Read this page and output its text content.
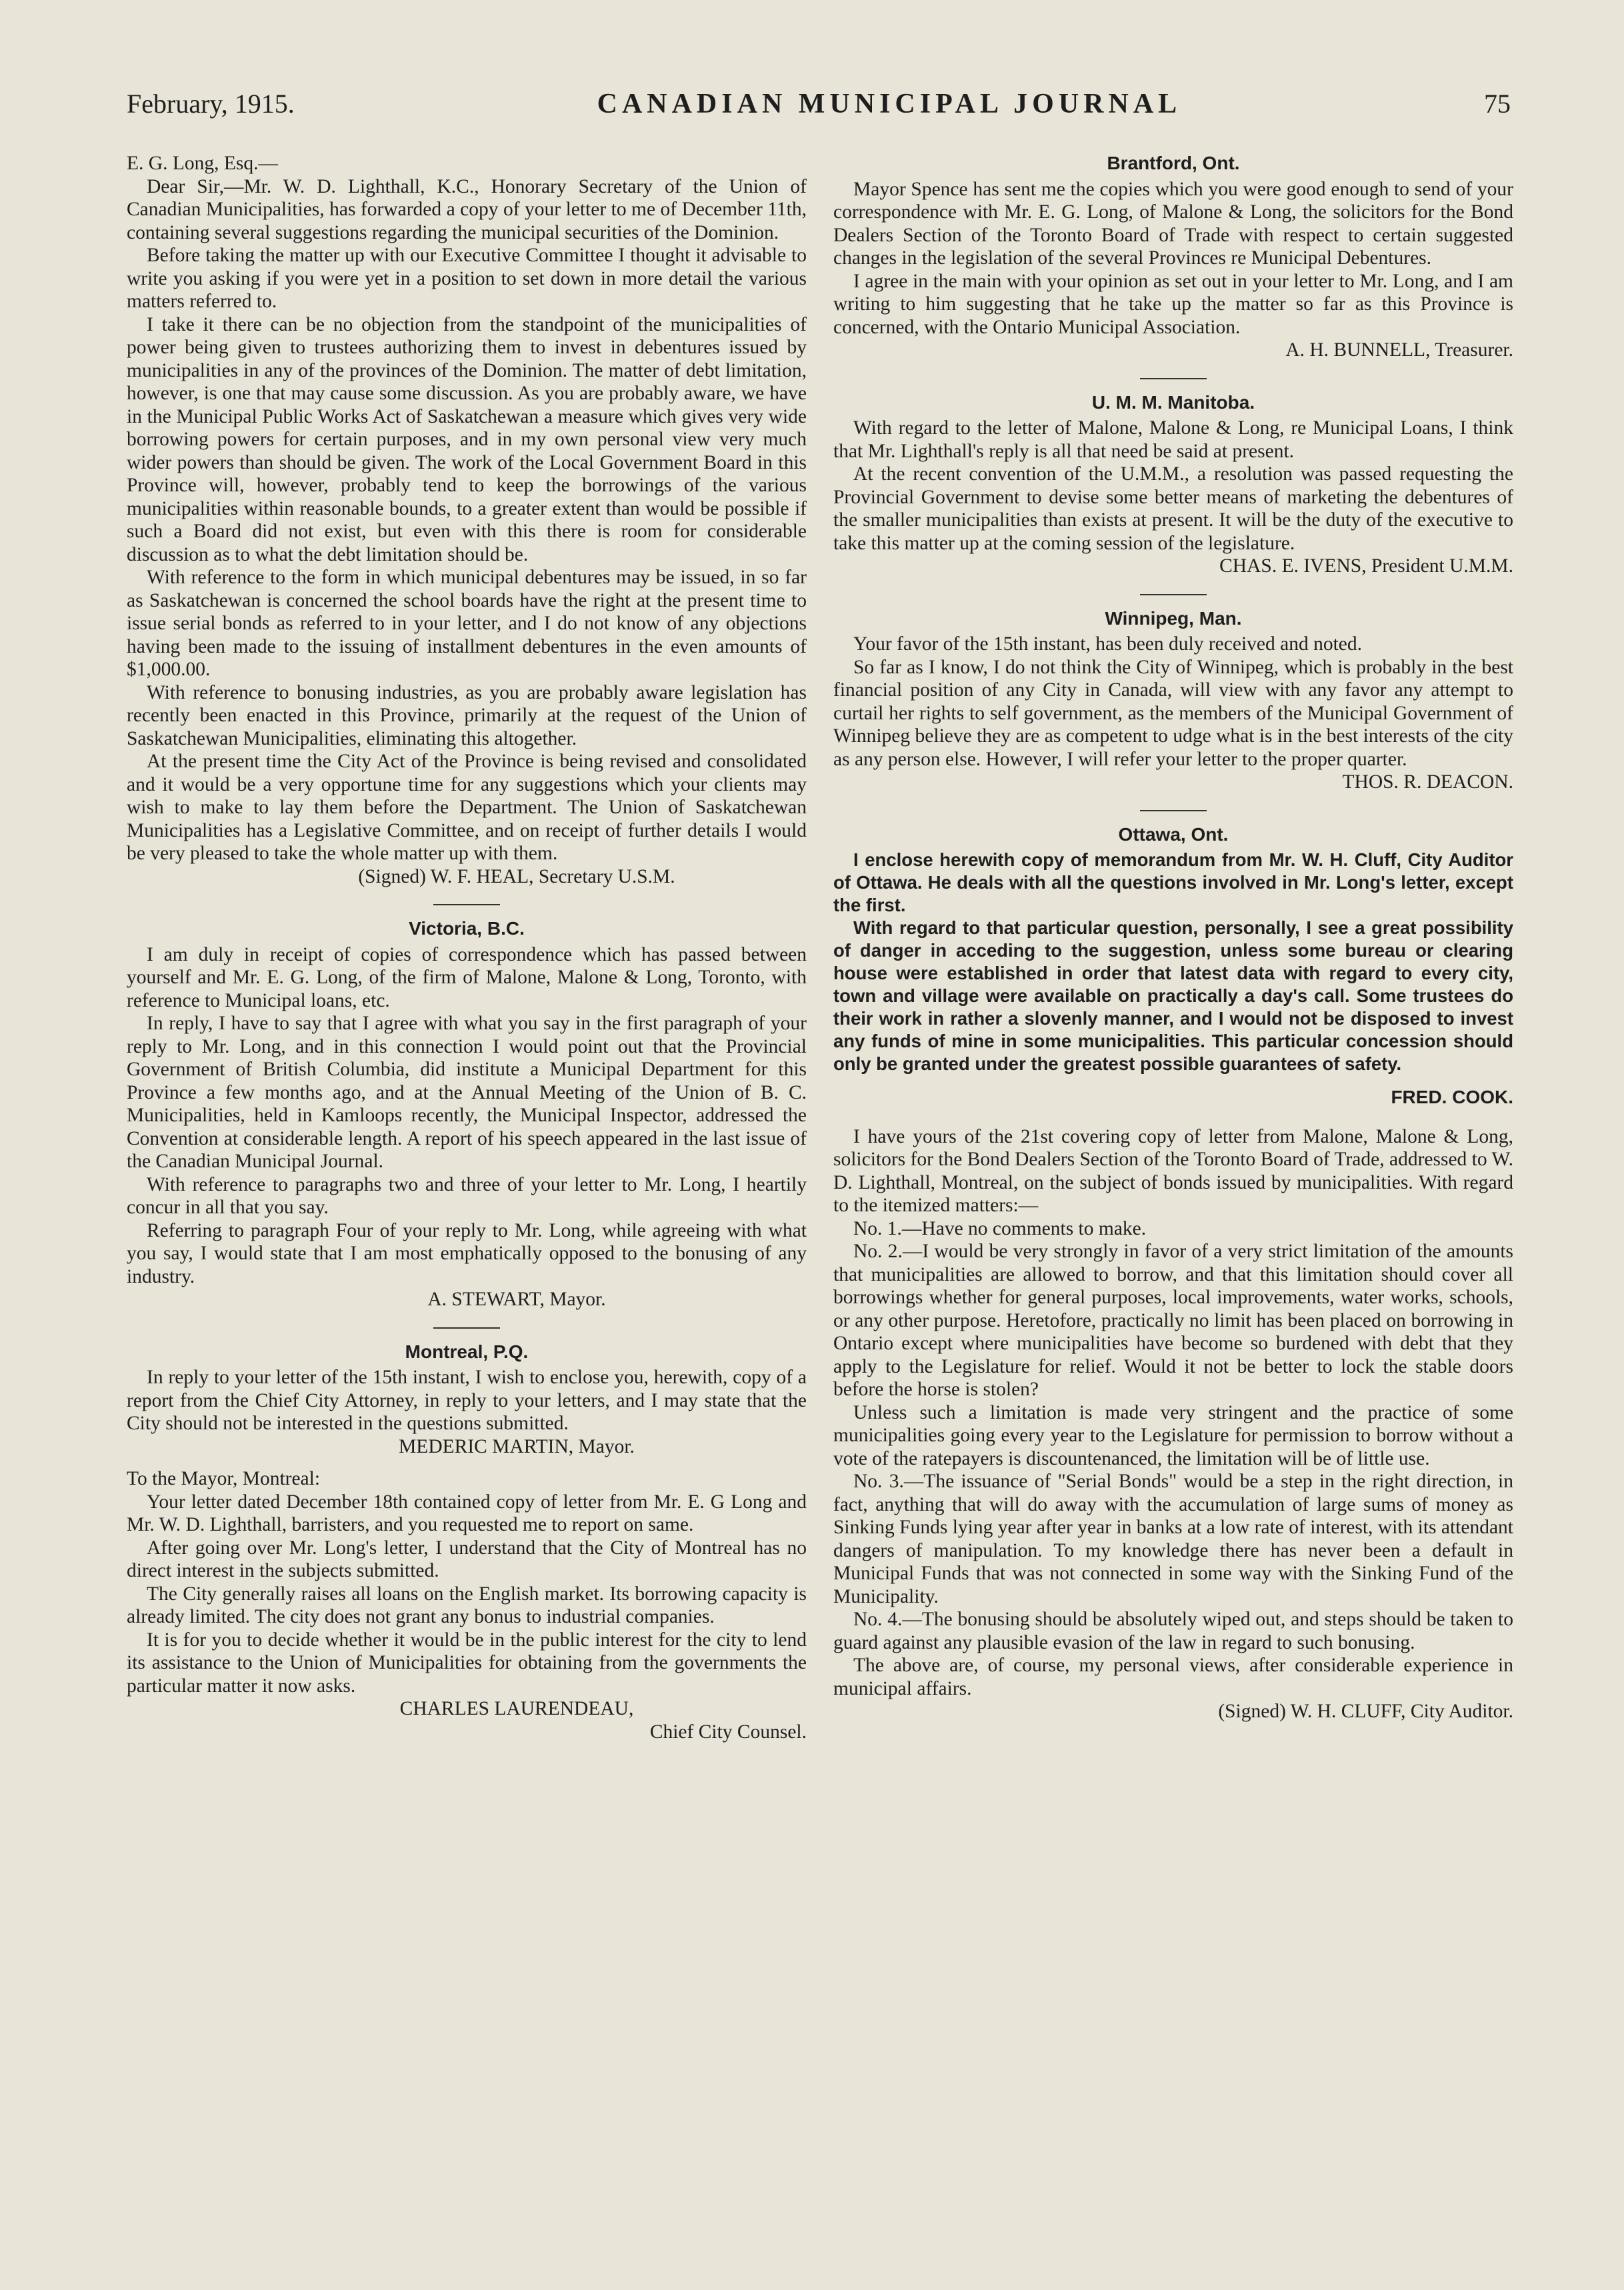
February, 1915.	CANADIAN MUNICIPAL JOURNAL	75

E. G. Long, Esq.—

Dear Sir,—Mr. W. D. Lighthall, K.C., Honorary Secretary of the Union of Canadian Municipalities, has forwarded a copy of your letter to me of December 11th, containing several suggestions regarding the municipal securities of the Dominion.

Before taking the matter up with our Executive Committee I thought it advisable to write you asking if you were yet in a position to set down in more detail the various matters referred to.

I take it there can be no objection from the standpoint of the municipalities of power being given to trustees authorizing them to invest in debentures issued by municipalities in any of the provinces of the Dominion. The matter of debt limitation, however, is one that may cause some discussion. As you are probably aware, we have in the Municipal Public Works Act of Saskatchewan a measure which gives very wide borrowing powers for certain purposes, and in my own personal view very much wider powers than should be given. The work of the Local Government Board in this Province will, however, probably tend to keep the borrowings of the various municipalities within reasonable bounds, to a greater extent than would be possible if such a Board did not exist, but even with this there is room for considerable discussion as to what the debt limitation should be.

With reference to the form in which municipal debentures may be issued, in so far as Saskatchewan is concerned the school boards have the right at the present time to issue serial bonds as referred to in your letter, and I do not know of any objections having been made to the issuing of installment debentures in the even amounts of $1,000.00.

With reference to bonusing industries, as you are probably aware legislation has recently been enacted in this Province, primarily at the request of the Union of Saskatchewan Municipalities, eliminating this altogether.

At the present time the City Act of the Province is being revised and consolidated and it would be a very opportune time for any suggestions which your clients may wish to make to lay them before the Department. The Union of Saskatchewan Municipalities has a Legislative Committee, and on receipt of further details I would be very pleased to take the whole matter up with them.

(Signed) W. F. HEAL, Secretary U.S.M.

Victoria, B.C.

I am duly in receipt of copies of correspondence which has passed between yourself and Mr. E. G. Long, of the firm of Malone, Malone & Long, Toronto, with reference to Municipal loans, etc.

In reply, I have to say that I agree with what you say in the first paragraph of your reply to Mr. Long, and in this connection I would point out that the Provincial Government of British Columbia, did institute a Municipal Department for this Province a few months ago, and at the Annual Meeting of the Union of B. C. Municipalities, held in Kamloops recently, the Municipal Inspector, addressed the Convention at considerable length. A report of his speech appeared in the last issue of the Canadian Municipal Journal.

With reference to paragraphs two and three of your letter to Mr. Long, I heartily concur in all that you say.

Referring to paragraph Four of your reply to Mr. Long, while agreeing with what you say, I would state that I am most emphatically opposed to the bonusing of any industry.

A. STEWART, Mayor.

Montreal, P.Q.

In reply to your letter of the 15th instant, I wish to enclose you, herewith, copy of a report from the Chief City Attorney, in reply to your letters, and I may state that the City should not be interested in the questions submitted.

MEDERIC MARTIN, Mayor.

To the Mayor, Montreal:

Your letter dated December 18th contained copy of letter from Mr. E. G Long and Mr. W. D. Lighthall, barristers, and you requested me to report on same.

After going over Mr. Long's letter, I understand that the City of Montreal has no direct interest in the subjects submitted.

The City generally raises all loans on the English market. Its borrowing capacity is already limited. The city does not grant any bonus to industrial companies.

It is for you to decide whether it would be in the public interest for the city to lend its assistance to the Union of Municipalities for obtaining from the governments the particular matter it now asks.

CHARLES LAURENDEAU,

Chief City Counsel.

Brantford, Ont.

Mayor Spence has sent me the copies which you were good enough to send of your correspondence with Mr. E. G. Long, of Malone & Long, the solicitors for the Bond Dealers Section of the Toronto Board of Trade with respect to certain suggested changes in the legislation of the several Provinces re Municipal Debentures.

I agree in the main with your opinion as set out in your letter to Mr. Long, and I am writing to him suggesting that he take up the matter so far as this Province is concerned, with the Ontario Municipal Association.

A. H. BUNNELL, Treasurer.

U. M. M. Manitoba.

With regard to the letter of Malone, Malone & Long, re Municipal Loans, I think that Mr. Lighthall's reply is all that need be said at present.

At the recent convention of the U.M.M., a resolution was passed requesting the Provincial Government to devise some better means of marketing the debentures of the smaller municipalities than exists at present. It will be the duty of the executive to take this matter up at the coming session of the legislature.

CHAS. E. IVENS, President U.M.M.

Winnipeg, Man.

Your favor of the 15th instant, has been duly received and noted.

So far as I know, I do not think the City of Winnipeg, which is probably in the best financial position of any City in Canada, will view with any favor any attempt to curtail her rights to self government, as the members of the Municipal Government of Winnipeg believe they are as competent to udge what is in the best interests of the city as any person else. However, I will refer your letter to the proper quarter.

THOS. R. DEACON.

Ottawa, Ont.

I enclose herewith copy of memorandum from Mr. W. H. Cluff, City Auditor of Ottawa. He deals with all the questions involved in Mr. Long's letter, except the first.

With regard to that particular question, personally, I see a great possibility of danger in acceding to the suggestion, unless some bureau or clearing house were established in order that latest data with regard to every city, town and village were available on practically a day's call. Some trustees do their work in rather a slovenly manner, and I would not be disposed to invest any funds of mine in some municipalities. This particular concession should only be granted under the greatest possible guarantees of safety.

FRED. COOK.

I have yours of the 21st covering copy of letter from Malone, Malone & Long, solicitors for the Bond Dealers Section of the Toronto Board of Trade, addressed to W. D. Lighthall, Montreal, on the subject of bonds issued by municipalities. With regard to the itemized matters:—

No. 1.—Have no comments to make.

No. 2.—I would be very strongly in favor of a very strict limitation of the amounts that municipalities are allowed to borrow, and that this limitation should cover all borrowings whether for general purposes, local improvements, water works, schools, or any other purpose. Heretofore, practically no limit has been placed on borrowing in Ontario except where municipalities have become so burdened with debt that they apply to the Legislature for relief. Would it not be better to lock the stable doors before the horse is stolen?

Unless such a limitation is made very stringent and the practice of some municipalities going every year to the Legislature for permission to borrow without a vote of the ratepayers is discountenanced, the limitation will be of little use.

No. 3.—The issuance of "Serial Bonds" would be a step in the right direction, in fact, anything that will do away with the accumulation of large sums of money as Sinking Funds lying year after year in banks at a low rate of interest, with its attendant dangers of manipulation. To my knowledge there has never been a default in Municipal Funds that was not connected in some way with the Sinking Fund of the Municipality.

No. 4.—The bonusing should be absolutely wiped out, and steps should be taken to guard against any plausible evasion of the law in regard to such bonusing.

The above are, of course, my personal views, after considerable experience in municipal affairs.

(Signed) W. H. CLUFF, City Auditor.
